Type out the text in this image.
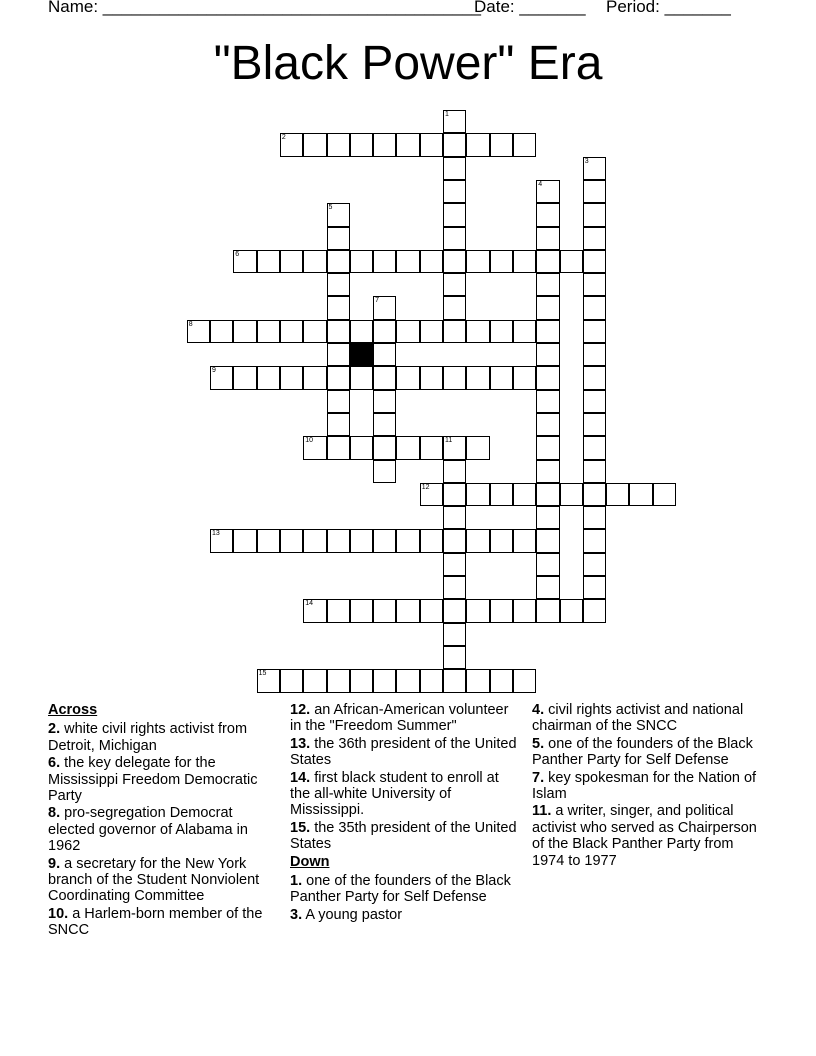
Name: ________________________________________
Date: _______ Period: _______
"Black Power" Era
1
2
3
4
5
6
7
8
9
10	11
12
13
14
15
Across
2. white civil rights activist from Detroit, Michigan
6. the key delegate for the Mississippi Freedom Democratic Party
8. pro-segregation Democrat elected governor of Alabama in 1962
9. a secretary for the New York branch of the Student Nonviolent Coordinating Committee
10. a Harlem-born member of the SNCC
12. an African-American volunteer in the "Freedom Summer"
13. the 36th president of the United States
14. first black student to enroll at the all-white University of Mississippi.
15. the 35th president of the United States
Down
1. one of the founders of the Black Panther Party for Self Defense
3. A young pastor
4. civil rights activist and national chairman of the SNCC
5. one of the founders of the Black Panther Party for Self Defense
7. key spokesman for the Nation of Islam
11. a writer, singer, and political activist who served as Chairperson of the Black Panther Party from 1974 to 1977
